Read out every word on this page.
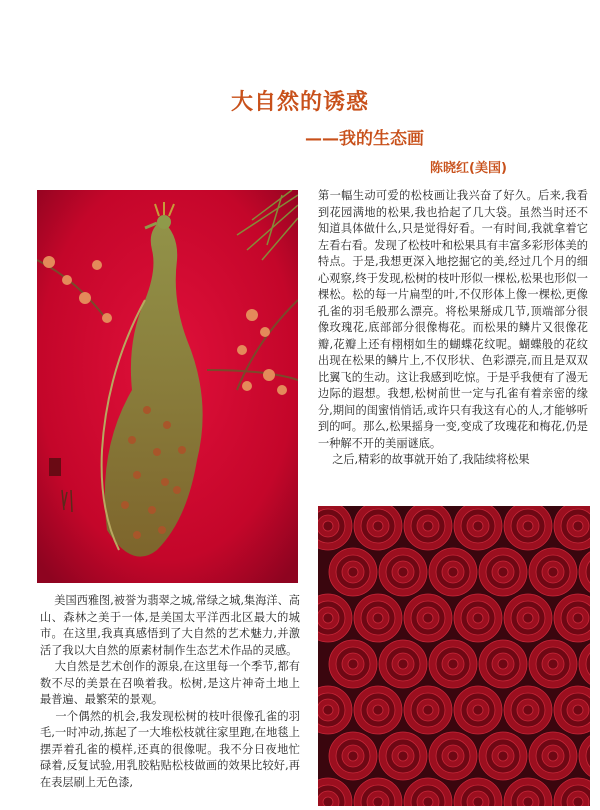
大自然的诱惑
——我的生态画
陈晓红(美国)
第一幅生动可爱的松枝画让我兴奋了好久。后来,我看到花园满地的松果,我也拾起了几大袋。虽然当时还不知道具体做什么,只是觉得好看。一有时间,我就拿着它左看右看。发现了松枝叶和松果具有丰富多彩形体美的特点。于是,我想更深入地挖掘它的美,经过几个月的细心观察,终于发现,松树的枝叶形似一棵松,松果也形似一棵松。松的每一片扁型的叶,不仅形体上像一棵松,更像孔雀的羽毛般那么漂亮。将松果掰成几节,顶端部分很像玫瑰花,底部部分很像梅花。而松果的鳞片又很像花瓣,花瓣上还有栩栩如生的蝴蝶花纹呢。蝴蝶般的花纹出现在松果的鳞片上,不仅形状、色彩漂亮,而且是双双比翼飞的生动。这让我感到吃惊。于是乎我便有了漫无边际的遐想。我想,松树前世一定与孔雀有着亲密的缘分,期间的闺蜜悄悄话,或许只有我这有心的人,才能够听到的呵。那么,松果摇身一变,变成了玫瑰花和梅花,仍是一种解不开的美丽谜底。
之后,精彩的故事就开始了,我陆续将松果
美国西雅图,被誉为翡翠之城,常绿之城,集海洋、高山、森林之美于一体,是美国太平洋西北区最大的城市。在这里,我真真感悟到了大自然的艺术魅力,并激活了我以大自然的原素材制作生态艺术作品的灵感。
大自然是艺术创作的源泉,在这里每一个季节,都有数不尽的美景在召唤着我。松树,是这片神奇土地上最普遍、最繁荣的景观。
一个偶然的机会,我发现松树的枝叶很像孔雀的羽毛,一时冲动,拣起了一大堆松枝就往家里跑,在地毯上摆弄着孔雀的模样,还真的很像呢。我不分日夜地忙碌着,反复试验,用乳胶粘贴松枝做画的效果比较好,再在表层刷上无色漆,
